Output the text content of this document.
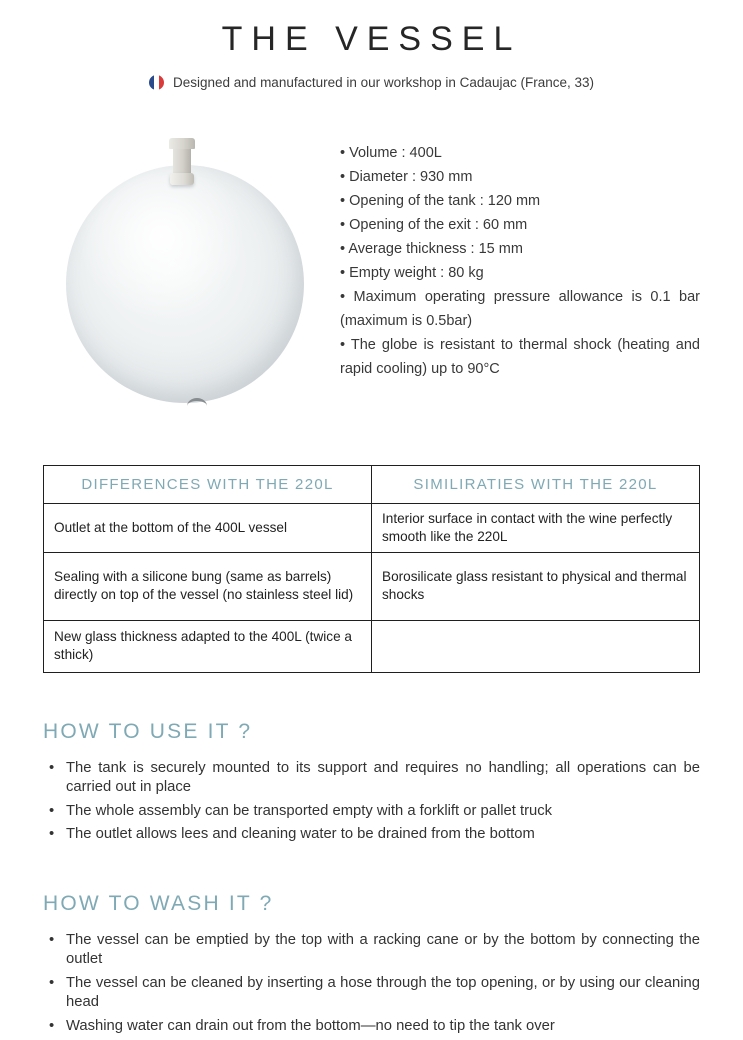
THE VESSEL
Designed and manufactured in our workshop in Cadaujac (France, 33)

• Volume : 400L

• Diameter : 930 mm

• Opening of the tank : 120 mm

• Opening of the exit : 60 mm

• Average thickness : 15 mm

• Empty weight : 80 kg

• Maximum operating pressure allowance is 0.1 bar (maximum is 0.5bar)

• The globe is resistant to thermal shock (heating and rapid cooling) up to 90°C

DIFFERENCES WITH THE 220L	SIMILIRATIES WITH THE 220L
Outlet at the bottom of the 400L vessel	Interior surface in contact with the wine perfectly smooth like the 220L
Sealing with a silicone bung (same as barrels) directly on top of the vessel (no stainless steel lid)	Borosilicate glass resistant to physical and thermal shocks
New glass thickness adapted to the 400L (twice a sthick)	
HOW TO USE IT ?
• The tank is securely mounted to its support and requires no handling; all operations can be carried out in place
• The whole assembly can be transported empty with a forklift or pallet truck
• The outlet allows lees and cleaning water to be drained from the bottom
HOW TO WASH IT ?
• The vessel can be emptied by the top with a racking cane or by the bottom by connecting the outlet
• The vessel can be cleaned by inserting a hose through the top opening, or by using our cleaning head
• Washing water can drain out from the bottom—no need to tip the tank over
